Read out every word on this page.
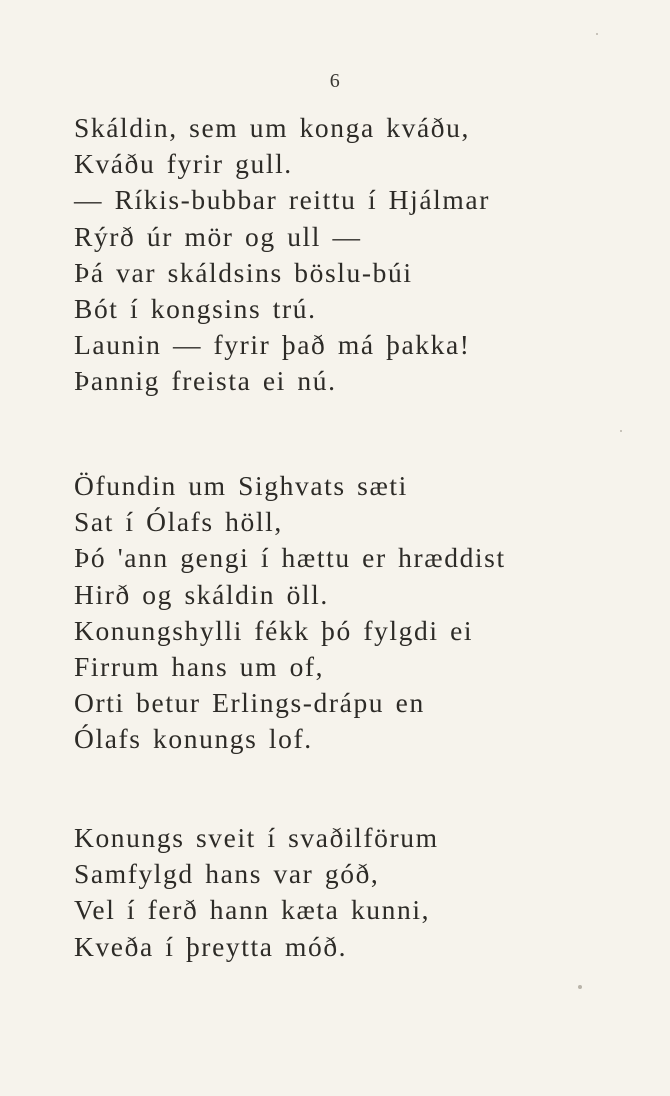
6
Skáldin, sem um konga kváðu,
Kváðu fyrir gull.
— Ríkis-bubbar reittu í Hjálmar
Rýrð úr mör og ull —
Þá var skáldsins böslu-búi
Bót í kongsins trú.
Launin — fyrir það má þakka!
Þannig freista ei nú.
Öfundin um Sighvats sæti
Sat í Ólafs höll,
Þó 'ann gengi í hættu er hræddist
Hirð og skáldin öll.
Konungshylli fékk þó fylgdi ei
Firrum hans um of,
Orti betur Erlings-drápu en
Ólafs konungs lof.
Konungs sveit í svaðilförum
Samfylgd hans var góð,
Vel í ferð hann kæta kunni,
Kveða í þreytta móð.
